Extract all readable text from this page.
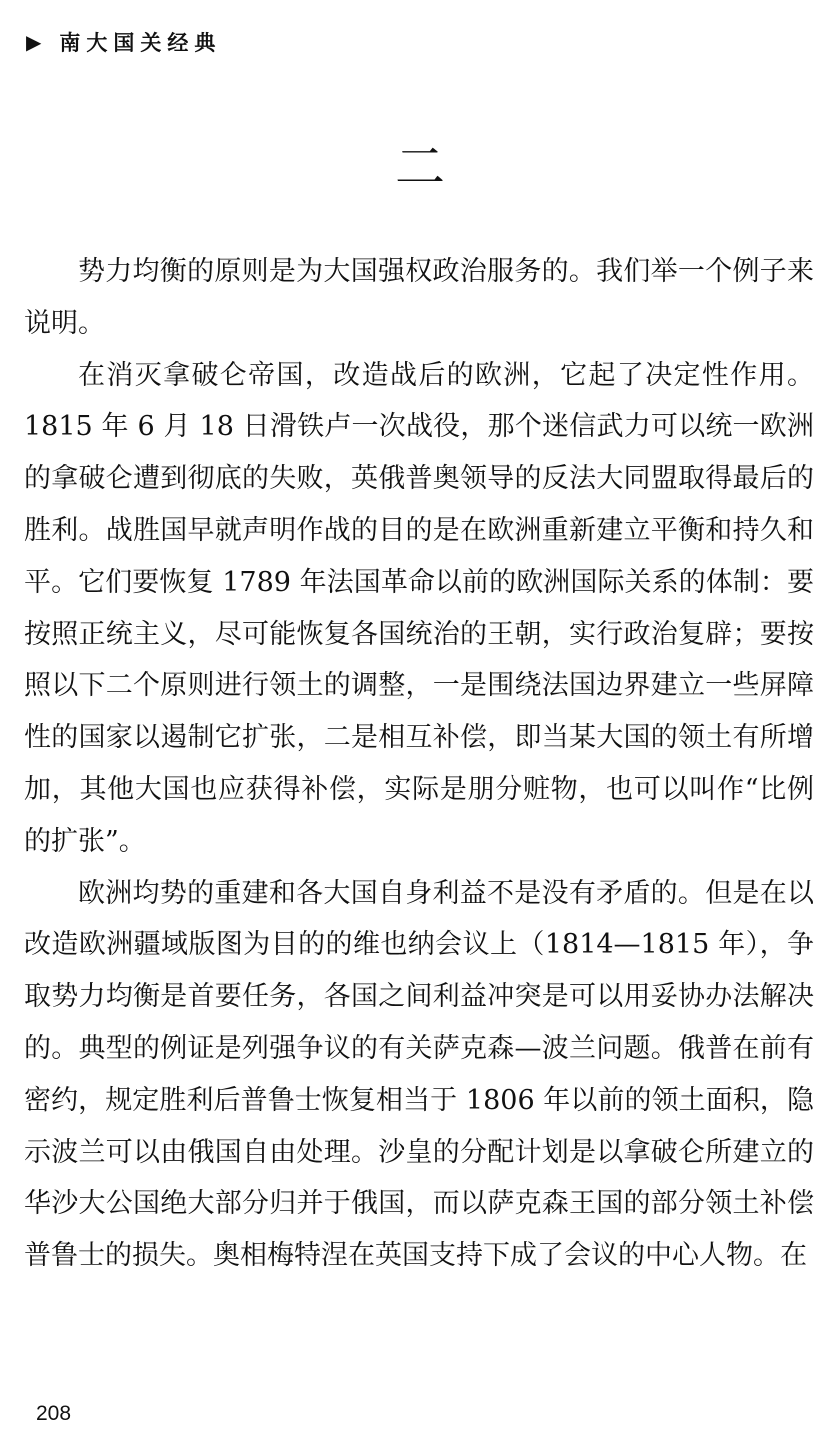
▶ 南大国关经典
二

势力均衡的原则是为大国强权政治服务的。我们举一个例子来说明。

在消灭拿破仑帝国，改造战后的欧洲，它起了决定性作用。1815 年 6 月 18 日滑铁卢一次战役，那个迷信武力可以统一欧洲的拿破仑遭到彻底的失败，英俄普奥领导的反法大同盟取得最后的胜利。战胜国早就声明作战的目的是在欧洲重新建立平衡和持久和平。它们要恢复 1789 年法国革命以前的欧洲国际关系的体制：要按照正统主义，尽可能恢复各国统治的王朝，实行政治复辟；要按照以下二个原则进行领土的调整，一是围绕法国边界建立一些屏障性的国家以遏制它扩张，二是相互补偿，即当某大国的领土有所增加，其他大国也应获得补偿，实际是朋分赃物，也可以叫作“比例的扩张”。

欧洲均势的重建和各大国自身利益不是没有矛盾的。但是在以改造欧洲疆域版图为目的的维也纳会议上（1814—1815 年），争取势力均衡是首要任务，各国之间利益冲突是可以用妥协办法解决的。典型的例证是列强争议的有关萨克森—波兰问题。俄普在前有密约，规定胜利后普鲁士恢复相当于 1806 年以前的领土面积，隐示波兰可以由俄国自由处理。沙皇的分配计划是以拿破仑所建立的华沙大公国绝大部分归并于俄国，而以萨克森王国的部分领土补偿普鲁士的损失。奥相梅特涅在英国支持下成了会议的中心人物。在

208
